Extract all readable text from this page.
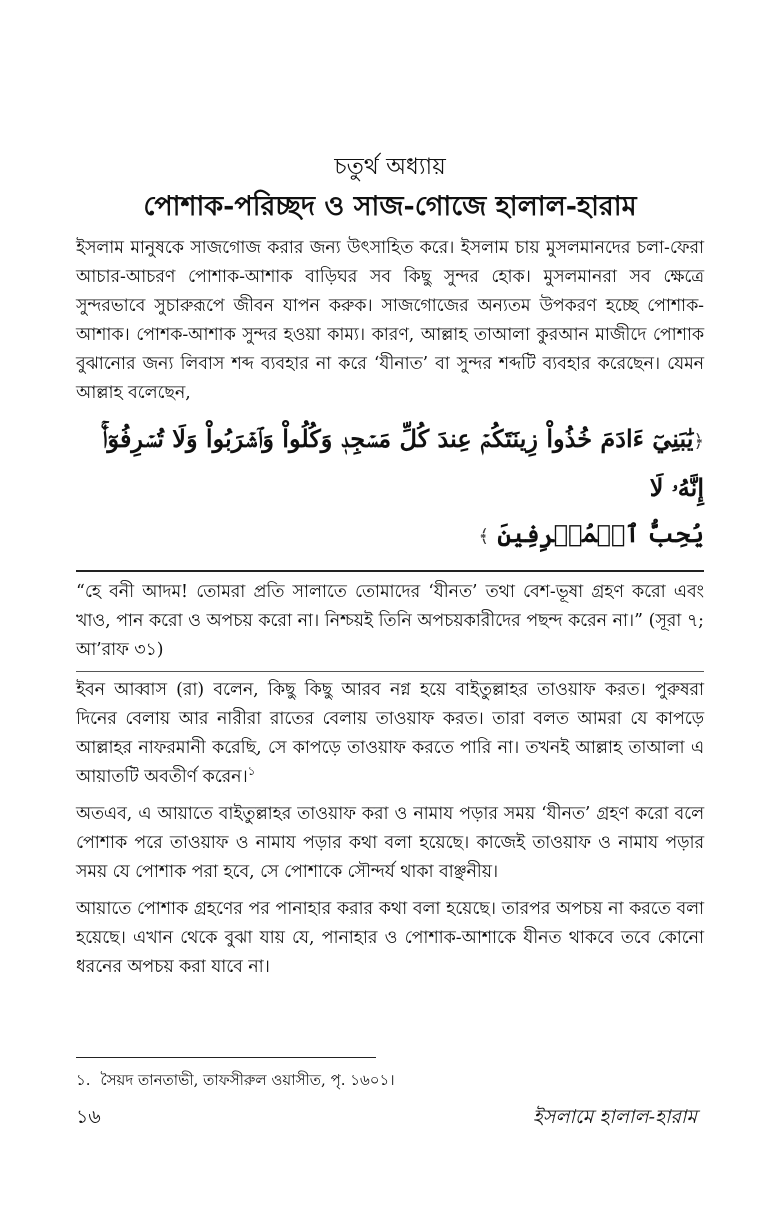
চতুর্থ অধ্যায়

পোশাক-পরিচ্ছদ ও সাজ-গোজে হালাল-হারাম

ইসলাম মানুষকে সাজগোজ করার জন্য উৎসাহিত করে। ইসলাম চায় মুসলমানদের চলা-ফেরা আচার-আচরণ পোশাক-আশাক বাড়িঘর সব কিছু সুন্দর হোক। মুসলমানরা সব ক্ষেত্রে সুন্দরভাবে সুচারুরূপে জীবন যাপন করুক। সাজগোজের অন্যতম উপকরণ হচ্ছে পোশাক-আশাক। পোশক-আশাক সুন্দর হওয়া কাম্য। কারণ, আল্লাহ তাআলা কুরআন মাজীদে পোশাক বুঝানোর জন্য লিবাস শব্দ ব্যবহার না করে ‘যীনাত’ বা সুন্দর শব্দটি ব্যবহার করেছেন। যেমন আল্লাহ বলেছেন,

﴿يَٰبَنِيٓ ءَادَمَ خُذُواْ زِينَتَكُمۡ عِندَ كُلِّ مَسۡجِدٖ وَكُلُواْ وَٱشۡرَبُواْ وَلَا تُسۡرِفُوٓاْۚ إِنَّهُۥ لَا
يُحِبُّ ٱلۡمُسۡرِفِينَ ﴾

“হে বনী আদম! তোমরা প্রতি সালাতে তোমাদের ‘যীনত’ তথা বেশ-ভূষা গ্রহণ করো এবং খাও, পান করো ও অপচয় করো না। নিশ্চয়ই তিনি অপচয়কারীদের পছন্দ করেন না।” (সূরা ৭; আ’রাফ ৩১)

ইবন আব্বাস (রা) বলেন, কিছু কিছু আরব নগ্ন হয়ে বাইতুল্লাহর তাওয়াফ করত। পুরুষরা দিনের বেলায় আর নারীরা রাতের বেলায় তাওয়াফ করত। তারা বলত আমরা যে কাপড়ে আল্লাহর নাফরমানী করেছি, সে কাপড়ে তাওয়াফ করতে পারি না। তখনই আল্লাহ তাআলা এ আয়াতটি অবতীর্ণ করেন।$^১$

অতএব, এ আয়াতে বাইতুল্লাহর তাওয়াফ করা ও নামায পড়ার সময় ‘যীনত’ গ্রহণ করো বলে পোশাক পরে তাওয়াফ ও নামায পড়ার কথা বলা হয়েছে। কাজেই তাওয়াফ ও নামায পড়ার সময় যে পোশাক পরা হবে, সে পোশাকে সৌন্দর্য থাকা বাঞ্ছনীয়।

আয়াতে পোশাক গ্রহণের পর পানাহার করার কথা বলা হয়েছে। তারপর অপচয় না করতে বলা হয়েছে। এখান থেকে বুঝা যায় যে, পানাহার ও পোশাক-আশাকে যীনত থাকবে তবে কোনো ধরনের অপচয় করা যাবে না।

১. সৈয়দ তানতাভী, তাফসীরুল ওয়াসীত, পৃ. ১৬০১।
১৬	ইসলামে হালাল-হারাম
